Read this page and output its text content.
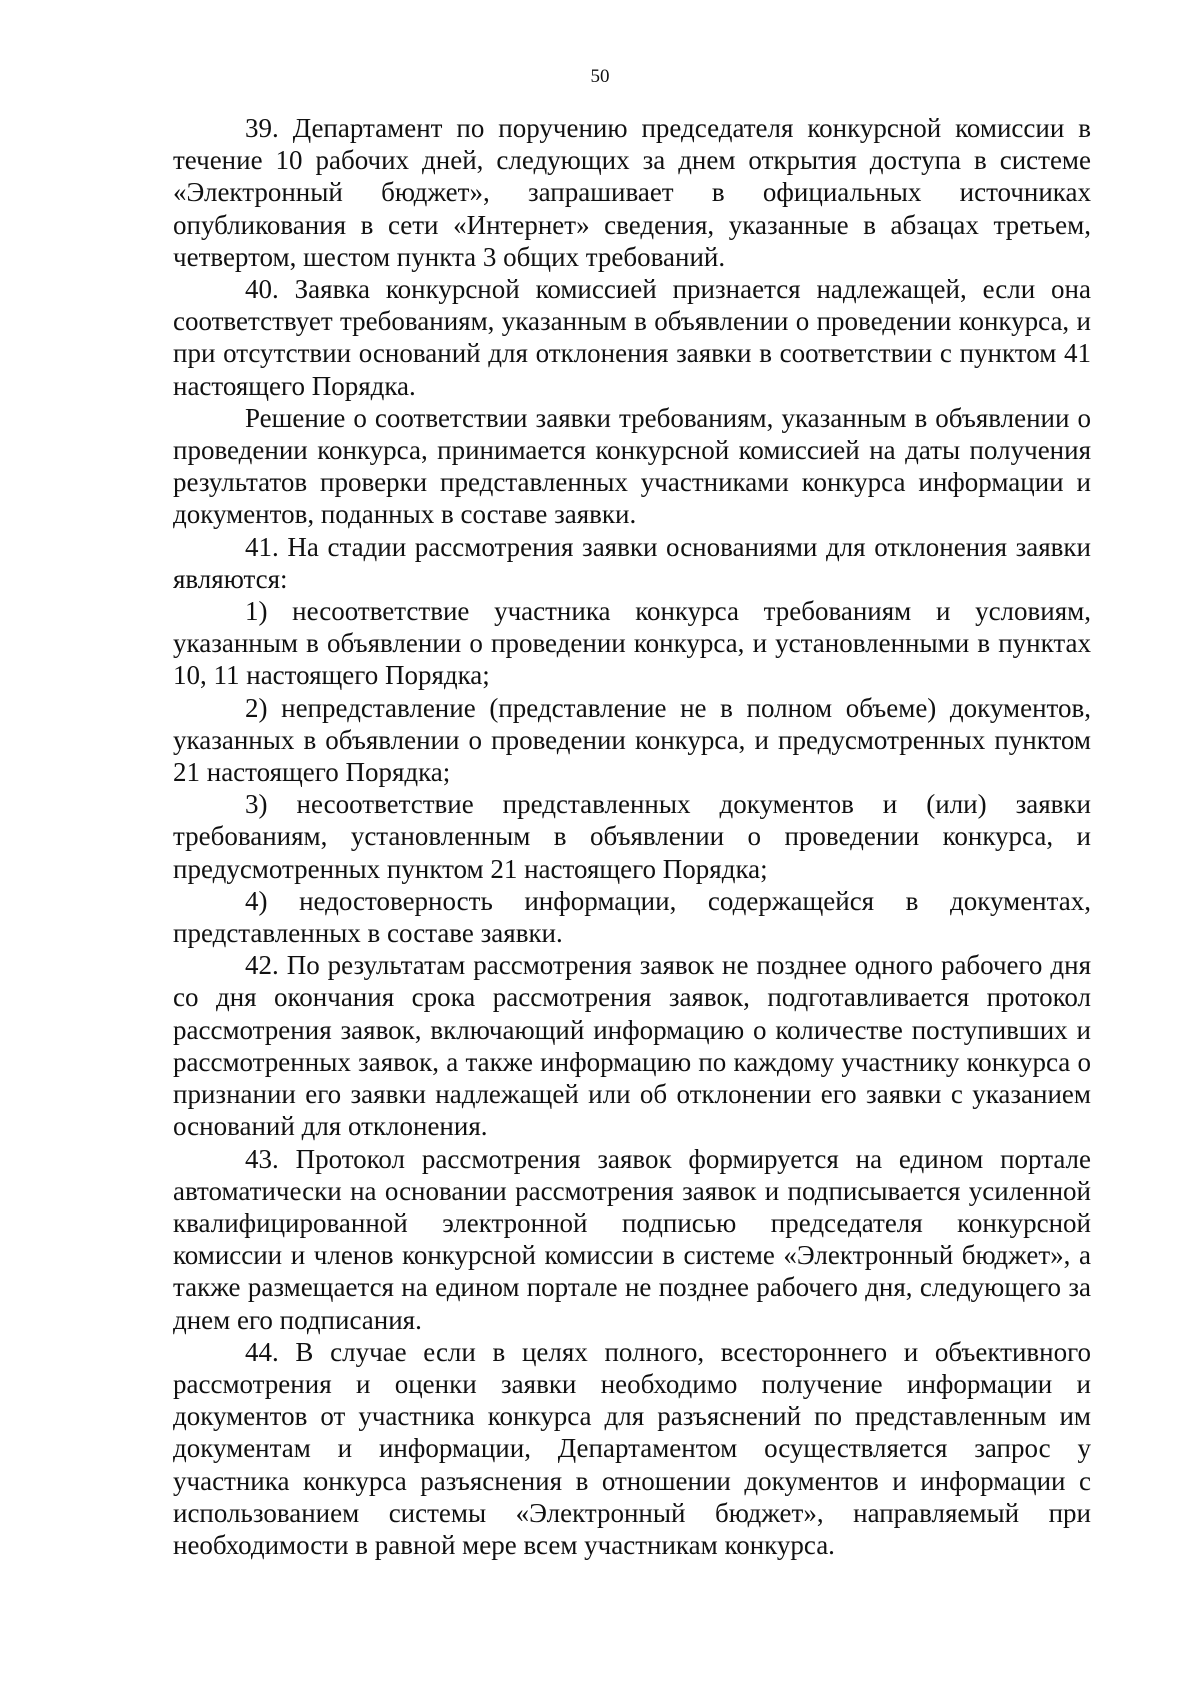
50

39. Департамент по поручению председателя конкурсной комиссии в течение 10 рабочих дней, следующих за днем открытия доступа в системе «Электронный бюджет», запрашивает в официальных источниках опубликования в сети «Интернет» сведения, указанные в абзацах третьем, четвертом, шестом пункта 3 общих требований.

40. Заявка конкурсной комиссией признается надлежащей, если она соответствует требованиям, указанным в объявлении о проведении конкурса, и при отсутствии оснований для отклонения заявки в соответствии с пунктом 41 настоящего Порядка.

Решение о соответствии заявки требованиям, указанным в объявлении о проведении конкурса, принимается конкурсной комиссией на даты получения результатов проверки представленных участниками конкурса информации и документов, поданных в составе заявки.

41. На стадии рассмотрения заявки основаниями для отклонения заявки являются:

1) несоответствие участника конкурса требованиям и условиям, указанным в объявлении о проведении конкурса, и установленными в пунктах 10, 11 настоящего Порядка;

2) непредставление (представление не в полном объеме) документов, указанных в объявлении о проведении конкурса, и предусмотренных пунктом 21 настоящего Порядка;

3) несоответствие представленных документов и (или) заявки требованиям, установленным в объявлении о проведении конкурса, и предусмотренных пунктом 21 настоящего Порядка;

4) недостоверность информации, содержащейся в документах, представленных в составе заявки.

42. По результатам рассмотрения заявок не позднее одного рабочего дня со дня окончания срока рассмотрения заявок, подготавливается протокол рассмотрения заявок, включающий информацию о количестве поступивших и рассмотренных заявок, а также информацию по каждому участнику конкурса о признании его заявки надлежащей или об отклонении его заявки с указанием оснований для отклонения.

43. Протокол рассмотрения заявок формируется на едином портале автоматически на основании рассмотрения заявок и подписывается усиленной квалифицированной электронной подписью председателя конкурсной комиссии и членов конкурсной комиссии в системе «Электронный бюджет», а также размещается на едином портале не позднее рабочего дня, следующего за днем его подписания.

44. В случае если в целях полного, всестороннего и объективного рассмотрения и оценки заявки необходимо получение информации и документов от участника конкурса для разъяснений по представленным им документам и информации, Департаментом осуществляется запрос у участника конкурса разъяснения в отношении документов и информации с использованием системы «Электронный бюджет», направляемый при необходимости в равной мере всем участникам конкурса.
